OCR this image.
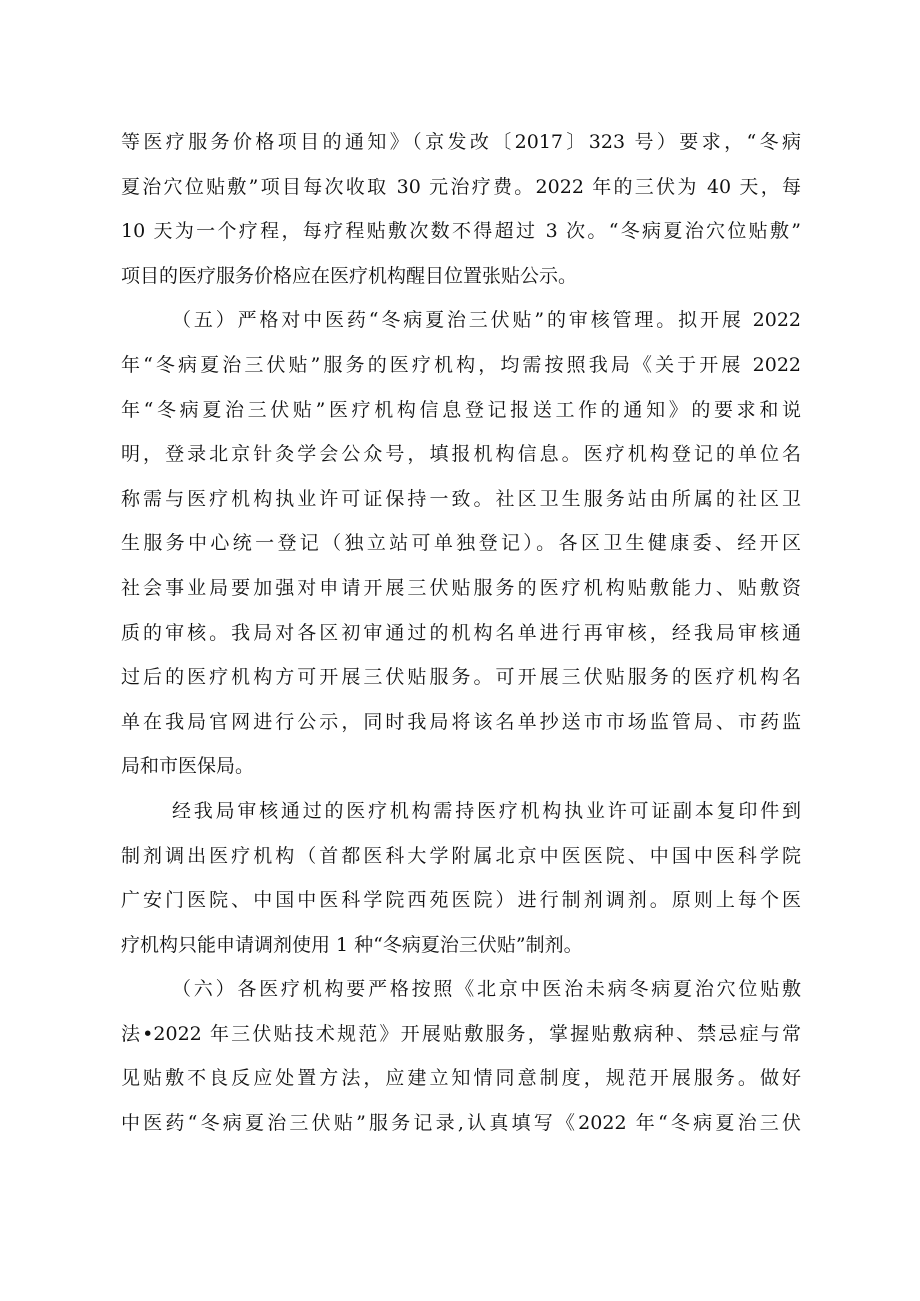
等医疗服务价格项目的通知》（京发改〔2017〕323 号）要求，“冬病
夏治穴位贴敷”项目每次收取 30 元治疗费。2022 年的三伏为 40 天，每
10 天为一个疗程，每疗程贴敷次数不得超过 3 次。“冬病夏治穴位贴敷”
项目的医疗服务价格应在医疗机构醒目位置张贴公示。
（五）严格对中医药“冬病夏治三伏贴”的审核管理。拟开展 2022
年“冬病夏治三伏贴”服务的医疗机构，均需按照我局《关于开展 2022
年“冬病夏治三伏贴”医疗机构信息登记报送工作的通知》的要求和说
明，登录北京针灸学会公众号，填报机构信息。医疗机构登记的单位名
称需与医疗机构执业许可证保持一致。社区卫生服务站由所属的社区卫
生服务中心统一登记（独立站可单独登记）。各区卫生健康委、经开区
社会事业局要加强对申请开展三伏贴服务的医疗机构贴敷能力、贴敷资
质的审核。我局对各区初审通过的机构名单进行再审核，经我局审核通
过后的医疗机构方可开展三伏贴服务。可开展三伏贴服务的医疗机构名
单在我局官网进行公示，同时我局将该名单抄送市市场监管局、市药监
局和市医保局。
经我局审核通过的医疗机构需持医疗机构执业许可证副本复印件到
制剂调出医疗机构（首都医科大学附属北京中医医院、中国中医科学院
广安门医院、中国中医科学院西苑医院）进行制剂调剂。原则上每个医
疗机构只能申请调剂使用 1 种“冬病夏治三伏贴”制剂。
（六）各医疗机构要严格按照《北京中医治未病冬病夏治穴位贴敷
法•2022 年三伏贴技术规范》开展贴敷服务，掌握贴敷病种、禁忌症与常
见贴敷不良反应处置方法，应建立知情同意制度，规范开展服务。做好
中医药“冬病夏治三伏贴”服务记录,认真填写《2022 年“冬病夏治三伏
